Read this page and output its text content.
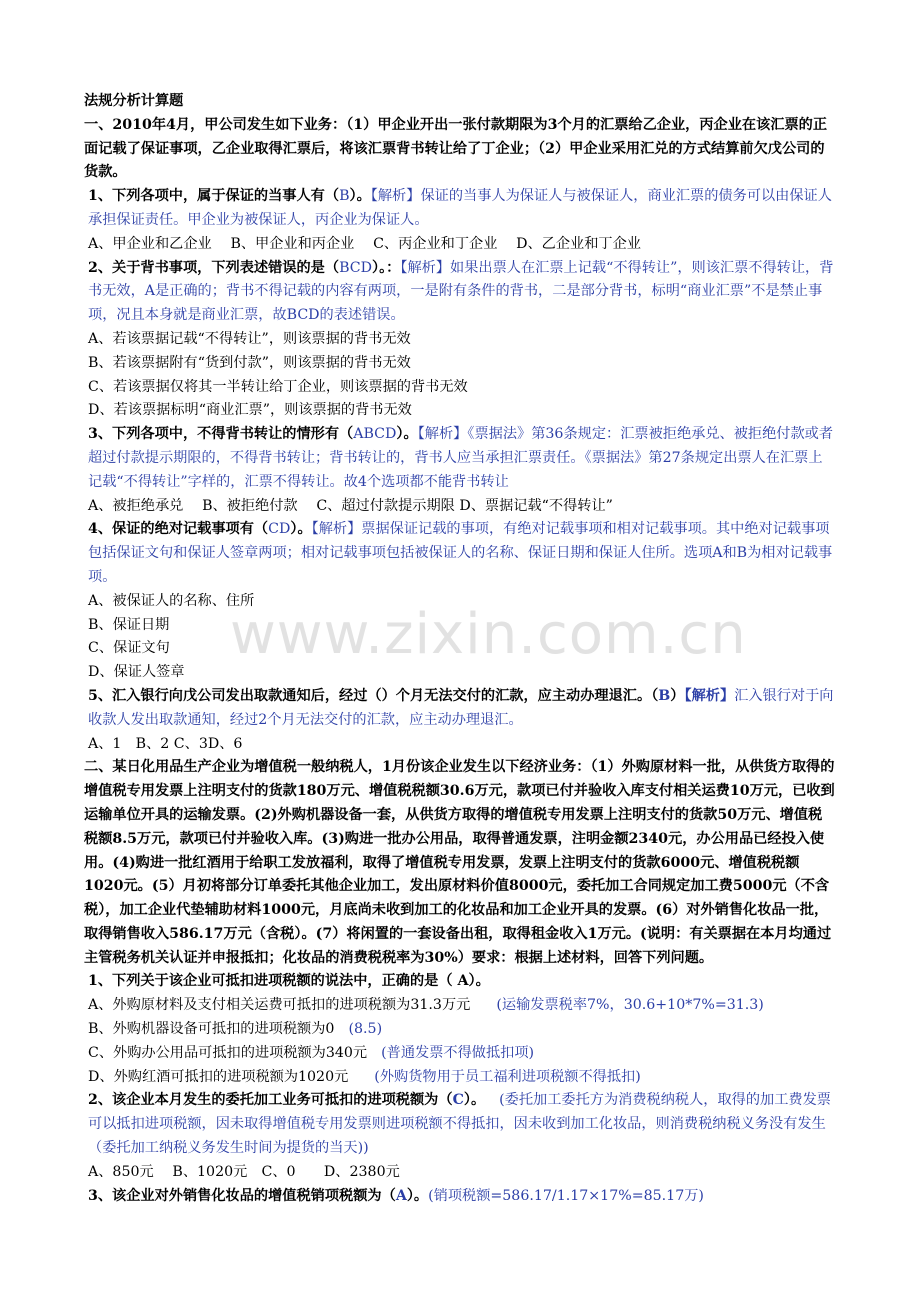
www.zixin.com.cn
法规分析计算题
一、2010年4月，甲公司发生如下业务：（1）甲企业开出一张付款期限为3个月的汇票给乙企业，丙企业在该汇票的正面记载了保证事项，乙企业取得汇票后，将该汇票背书转让给了丁企业；（2）甲企业采用汇兑的方式结算前欠戊公司的货款。
1、下列各项中，属于保证的当事人有（B）。【解析】保证的当事人为保证人与被保证人，商业汇票的债务可以由保证人承担保证责任。甲企业为被保证人，丙企业为保证人。
A、甲企业和乙企业　 B、甲企业和丙企业　 C、丙企业和丁企业　 D、乙企业和丁企业
2、关于背书事项，下列表述错误的是（BCD）。：【解析】如果出票人在汇票上记载“不得转让”，则该汇票不得转让，背书无效，A是正确的；背书不得记载的内容有两项，一是附有条件的背书，二是部分背书，标明“商业汇票”不是禁止事项，况且本身就是商业汇票，故BCD的表述错误。
A、若该票据记载“不得转让”，则该票据的背书无效
B、若该票据附有“货到付款”，则该票据的背书无效
C、若该票据仅将其一半转让给丁企业，则该票据的背书无效
D、若该票据标明“商业汇票”，则该票据的背书无效
3、下列各项中，不得背书转让的情形有（ABCD）。【解析】《票据法》第36条规定：汇票被拒绝承兑、被拒绝付款或者超过付款提示期限的，不得背书转让；背书转让的，背书人应当承担汇票责任。《票据法》第27条规定出票人在汇票上记载“不得转让”字样的，汇票不得转让。故4个选项都不能背书转让
A、被拒绝承兑　 B、被拒绝付款　 C、超过付款提示期限 D、票据记载“不得转让”
4、保证的绝对记载事项有（CD）。【解析】票据保证记载的事项，有绝对记载事项和相对记载事项。其中绝对记载事项包括保证文句和保证人签章两项；相对记载事项包括被保证人的名称、保证日期和保证人住所。选项A和B为相对记载事项。
A、被保证人的名称、住所
B、保证日期
C、保证文句
D、保证人签章
5、汇入银行向戊公司发出取款通知后，经过（）个月无法交付的汇款，应主动办理退汇。（B）【解析】汇入银行对于向收款人发出取款通知，经过2个月无法交付的汇款，应主动办理退汇。
A、1　B、2 C、3D、6
二、某日化用品生产企业为增值税一般纳税人，1月份该企业发生以下经济业务：（1）外购原材料一批，从供货方取得的增值税专用发票上注明支付的货款180万元、增值税税额30.6万元，款项已付并验收入库支付相关运费10万元，已收到运输单位开具的运输发票。(2)外购机器设备一套，从供货方取得的增值税专用发票上注明支付的货款50万元、增值税税额8.5万元，款项已付并验收入库。(3)购进一批办公用品，取得普通发票，注明金额2340元，办公用品已经投入使用。(4)购进一批红酒用于给职工发放福利，取得了增值税专用发票，发票上注明支付的货款6000元、增值税税额1020元。(5）月初将部分订单委托其他企业加工，发出原材料价值8000元，委托加工合同规定加工费5000元（不含税），加工企业代垫辅助材料1000元，月底尚未收到加工的化妆品和加工企业开具的发票。(6）对外销售化妆品一批，取得销售收入586.17万元（含税）。(7）将闲置的一套设备出租，取得租金收入1万元。(说明：有关票据在本月均通过主管税务机关认证并申报抵扣；化妆品的消费税税率为30%）要求：根据上述材料，回答下列问题。
1、下列关于该企业可抵扣进项税额的说法中，正确的是（ A）。
A、外购原材料及支付相关运费可抵扣的进项税额为31.3万元 (运输发票税率7%，30.6+10*7%=31.3)
B、外购机器设备可抵扣的进项税额为0 (8.5)
C、外购办公用品可抵扣的进项税额为340元 (普通发票不得做抵扣项)
D、外购红酒可抵扣的进项税额为1020元 (外购货物用于员工福利进项税额不得抵扣)
2、该企业本月发生的委托加工业务可抵扣的进项税额为（C）。 (委托加工委托方为消费税纳税人，取得的加工费发票可以抵扣进项税额，因未取得增值税专用发票则进项税额不得抵扣，因未收到加工化妆品，则消费税纳税义务没有发生（委托加工纳税义务发生时间为提货的当天))
A、850元　 B、1020元　C、0　　D、2380元
3、该企业对外销售化妆品的增值税销项税额为（A）。(销项税额=586.17/1.17×17%=85.17万)
